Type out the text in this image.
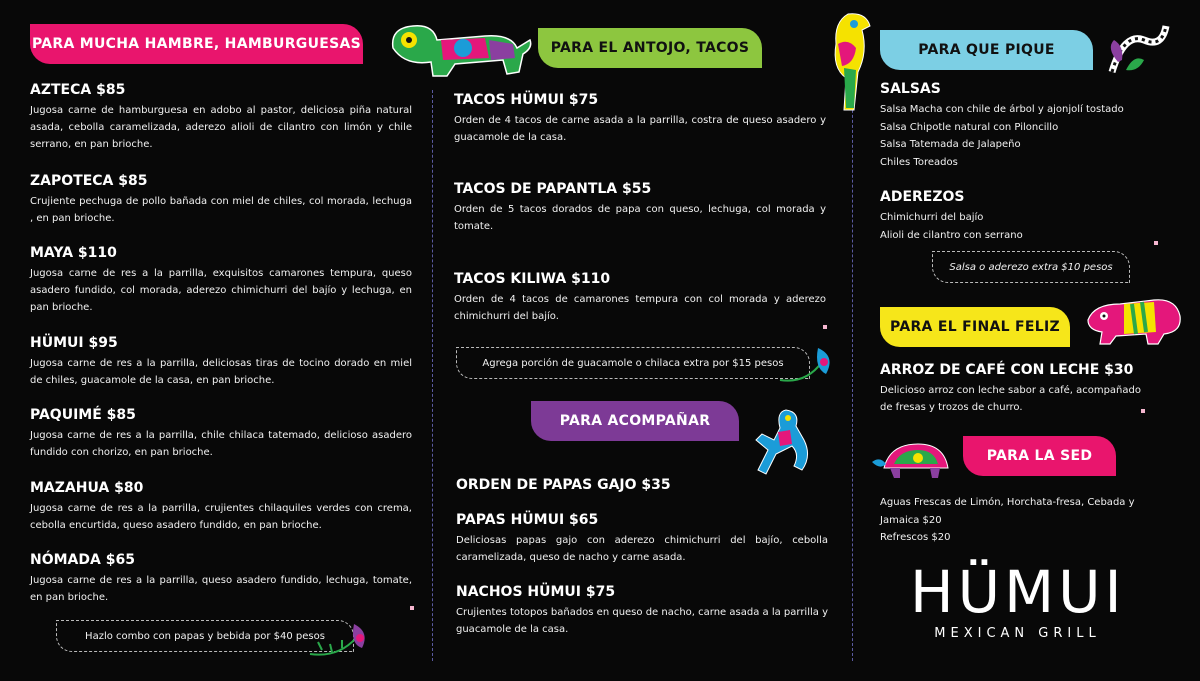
PARA MUCHA HAMBRE, HAMBURGUESAS	PARA EL ANTOJO, TACOS	PARA QUE PIQUE
PARA ACOMPAÑAR
PARA EL FINAL FELIZ
PARA LA SED
AZTECA $85
Jugosa carne de hamburguesa en adobo al pastor, deliciosa piña natural asada, cebolla caramelizada, aderezo alioli de cilantro con limón y chile serrano, en pan brioche.
ZAPOTECA $85
Crujiente pechuga de pollo bañada con miel de chiles, col morada, lechuga , en pan brioche.
MAYA $110
Jugosa carne de res a la parrilla, exquisitos camarones tempura, queso asadero fundido, col morada, aderezo chimichurri del bajío y lechuga, en pan brioche.
HÜMUI $95
Jugosa carne de res a la parrilla, deliciosas tiras de tocino dorado en miel de chiles, guacamole de la casa, en pan brioche.
PAQUIMÉ $85
Jugosa carne de res a la parrilla, chile chilaca tatemado, delicioso asadero fundido con chorizo, en pan brioche.
MAZAHUA $80
Jugosa carne de res a la parrilla, crujientes chilaquiles verdes con crema, cebolla encurtida, queso asadero fundido, en pan brioche.
NÓMADA $65
Jugosa carne de res a la parrilla, queso asadero fundido, lechuga, tomate, en pan brioche.
Hazlo combo con papas y bebida por $40 pesos
TACOS HÜMUI $75
Orden de 4 tacos de carne asada a la parrilla, costra de queso asadero y guacamole de la casa.
TACOS DE PAPANTLA $55
Orden de 5 tacos dorados de papa con queso, lechuga, col morada y tomate.
TACOS KILIWA $110
Orden de 4 tacos de camarones tempura con col morada y aderezo chimichurri del bajío.
Agrega porción de guacamole o chilaca extra por $15 pesos
ORDEN DE PAPAS GAJO $35
PAPAS HÜMUI $65
Deliciosas papas gajo con aderezo chimichurri del bajío, cebolla caramelizada, queso de nacho y carne asada.
NACHOS HÜMUI $75
Crujientes totopos bañados en queso de nacho, carne asada a la parrilla y guacamole de la casa.
SALSAS
Salsa Macha con chile de árbol y ajonjolí tostado
Salsa Chipotle natural con Piloncillo
Salsa Tatemada de Jalapeño
Chiles Toreados
ADEREZOS
Chimichurri del bajío
Alioli de cilantro con serrano
Salsa o aderezo extra $10 pesos
ARROZ DE CAFÉ CON LECHE $30
Delicioso arroz con leche sabor a café, acompañado de fresas y trozos de churro.
Aguas Frescas de Limón, Horchata-fresa, Cebada y
Jamaica $20
Refrescos $20
HÜMUI
MEXICAN GRILL
